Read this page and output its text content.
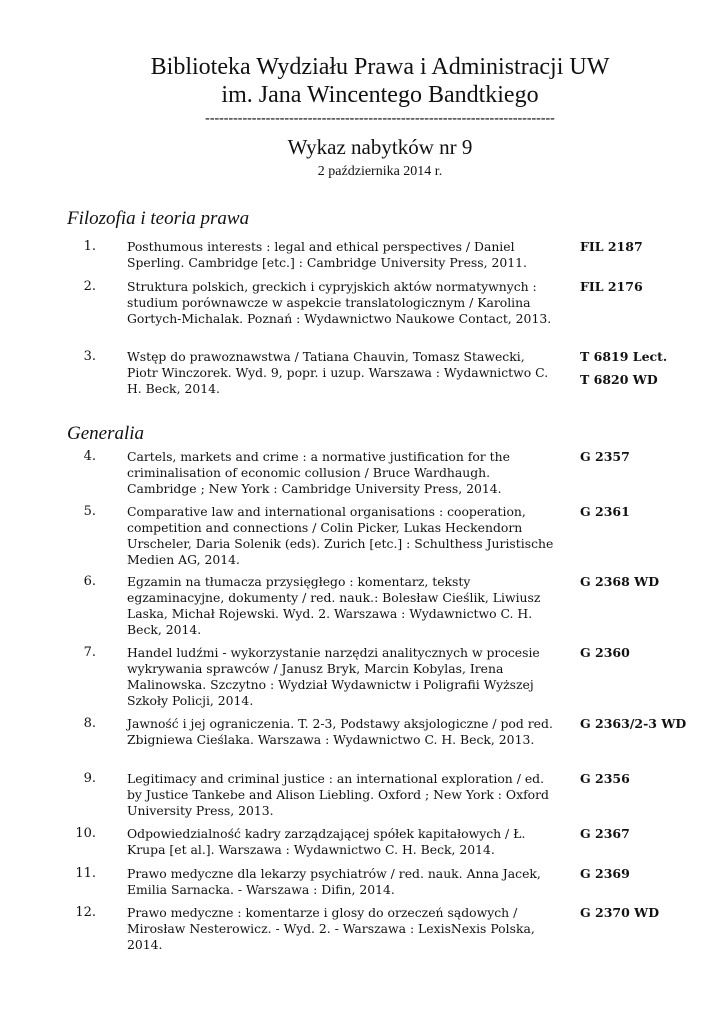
Biblioteka Wydziału Prawa i Administracji UW
im. Jana Wincentego Bandtkiego
---------------------------------------------------------------------------
Wykaz nabytków nr 9
2 października 2014 r.
Filozofia i teoria prawa
1.	Posthumous interests : legal and ethical perspectives / Daniel Sperling. Cambridge [etc.] : Cambridge University Press, 2011.
FIL 2187
2.	Struktura polskich, greckich i cypryjskich aktów normatywnych : studium porównawcze w aspekcie translatologicznym / Karolina Gortych-Michalak. Poznań : Wydawnictwo Naukowe Contact, 2013.
FIL 2176
3.	Wstęp do prawoznawstwa / Tatiana Chauvin, Tomasz Stawecki, Piotr Winczorek. Wyd. 9, popr. i uzup. Warszawa : Wydawnictwo C. H. Beck, 2014.
T 6819 Lect.
T 6820 WD
Generalia
4.	Cartels, markets and crime : a normative justification for the criminalisation of economic collusion / Bruce Wardhaugh. Cambridge ; New York : Cambridge University Press, 2014.
G 2357
5.	Comparative law and international organisations : cooperation, competition and connections / Colin Picker, Lukas Heckendorn Urscheler, Daria Solenik (eds). Zurich [etc.] : Schulthess Juristische Medien AG, 2014.
G 2361
6.	Egzamin na tłumacza przysięgłego : komentarz, teksty egzaminacyjne, dokumenty / red. nauk.: Bolesław Cieślik, Liwiusz Laska, Michał Rojewski. Wyd. 2. Warszawa : Wydawnictwo C. H. Beck, 2014.
G 2368 WD
7.	Handel ludźmi - wykorzystanie narzędzi analitycznych w procesie wykrywania sprawców / Janusz Bryk, Marcin Kobylas, Irena Malinowska. Szczytno : Wydział Wydawnictw i Poligrafii Wyższej Szkoły Policji, 2014.
G 2360
8.	Jawność i jej ograniczenia. T. 2-3, Podstawy aksjologiczne / pod red. Zbigniewa Cieślaka. Warszawa : Wydawnictwo C. H. Beck, 2013.
G 2363/2-3 WD
9.	Legitimacy and criminal justice : an international exploration / ed. by Justice Tankebe and Alison Liebling. Oxford ; New York : Oxford University Press, 2013.
G 2356
10.	Odpowiedzialność kadry zarządzającej spółek kapitałowych / Ł. Krupa [et al.]. Warszawa : Wydawnictwo C. H. Beck, 2014.
G 2367
11.	Prawo medyczne dla lekarzy psychiatrów / red. nauk. Anna Jacek, Emilia Sarnacka. - Warszawa : Difin, 2014.
G 2369
12.	Prawo medyczne : komentarze i glosy do orzeczeń sądowych / Mirosław Nesterowicz. - Wyd. 2. - Warszawa : LexisNexis Polska, 2014.
G 2370 WD
